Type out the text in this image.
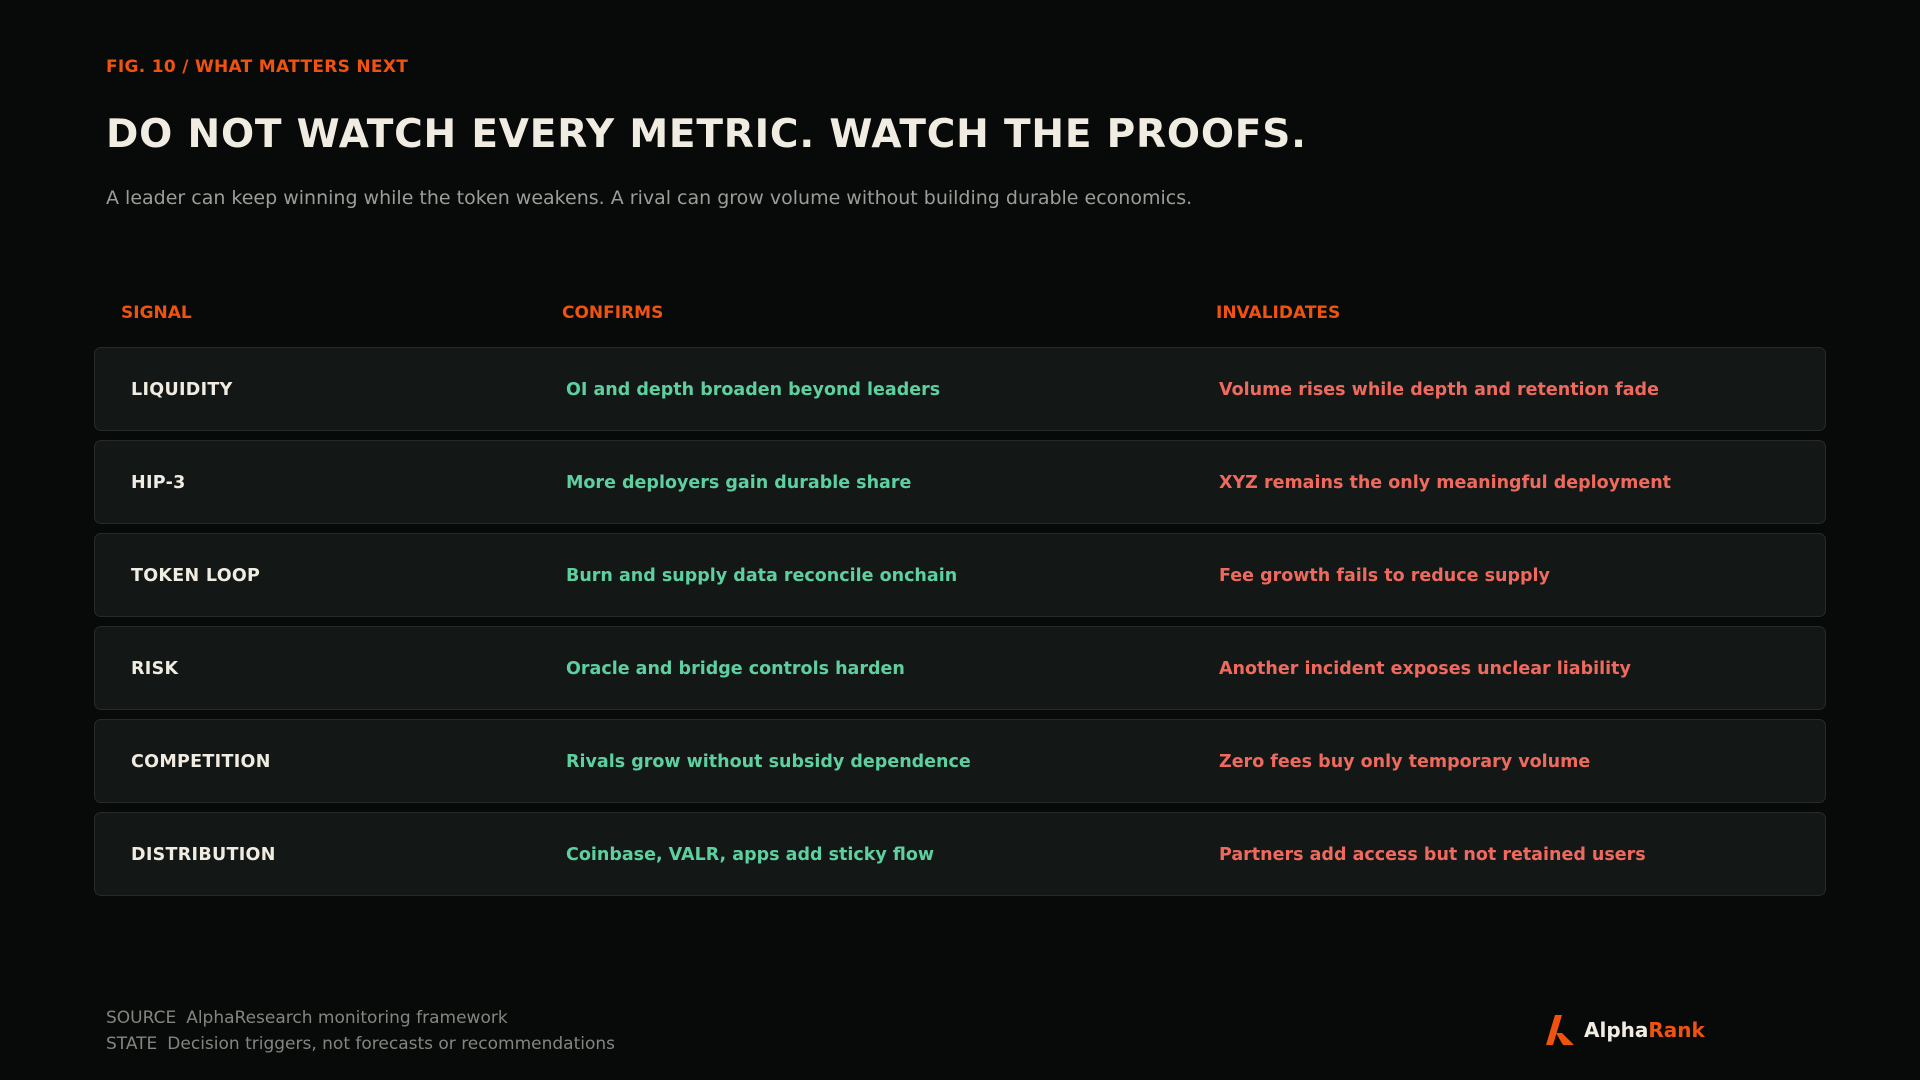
FIG. 10 / WHAT MATTERS NEXT
DO NOT WATCH EVERY METRIC. WATCH THE PROOFS.
A leader can keep winning while the token weakens. A rival can grow volume without building durable economics.
SIGNAL	CONFIRMS	INVALIDATES
LIQUIDITY	OI and depth broaden beyond leaders	Volume rises while depth and retention fade
HIP-3	More deployers gain durable share	XYZ remains the only meaningful deployment
TOKEN LOOP	Burn and supply data reconcile onchain	Fee growth fails to reduce supply
RISK	Oracle and bridge controls harden	Another incident exposes unclear liability
COMPETITION	Rivals grow without subsidy dependence	Zero fees buy only temporary volume
DISTRIBUTION	Coinbase, VALR, apps add sticky flow	Partners add access but not retained users
SOURCE AlphaResearch monitoring framework
STATE Decision triggers, not forecasts or recommendations
AlphaRank
